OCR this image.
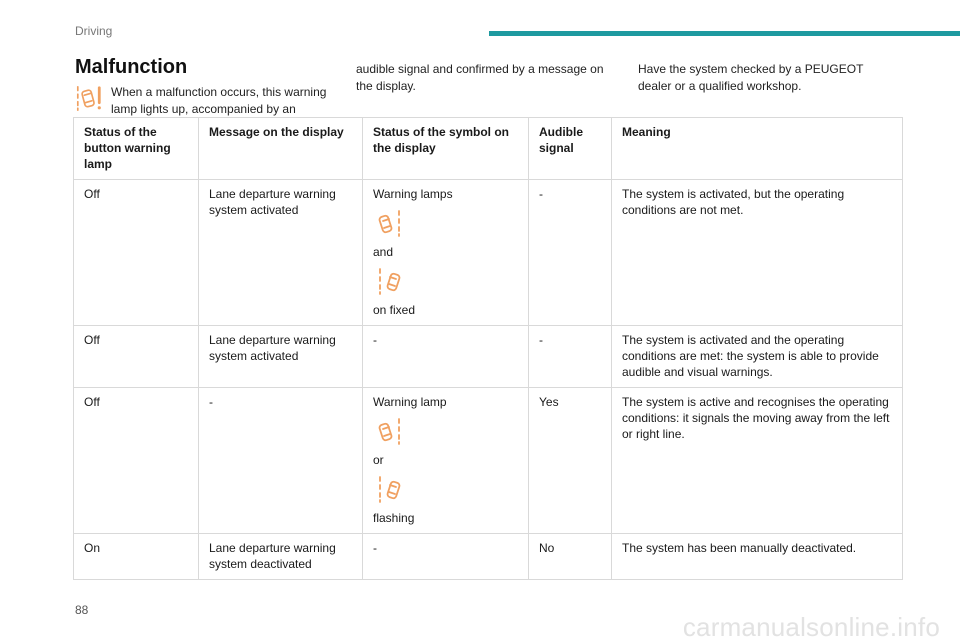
Driving
Malfunction
When a malfunction occurs, this warning lamp lights up, accompanied by an
audible signal and confirmed by a message on the display.
Have the system checked by a PEUGEOT dealer or a qualified workshop.
Status of the button warning lamp	Message on the display	Status of the symbol on the display	Audible signal	Meaning
Off	Lane departure warning system activated	Warning lamps
and
on fixed	-	The system is activated, but the operating conditions are not met.
Off	Lane departure warning system activated	-	-	The system is activated and the operating conditions are met: the system is able to provide audible and visual warnings.
Off	-	Warning lamp
or
flashing	Yes	The system is active and recognises the operating conditions: it signals the moving away from the left or right line.
On	Lane departure warning system deactivated	-	No	The system has been manually deactivated.
88
carmanualsonline.info
